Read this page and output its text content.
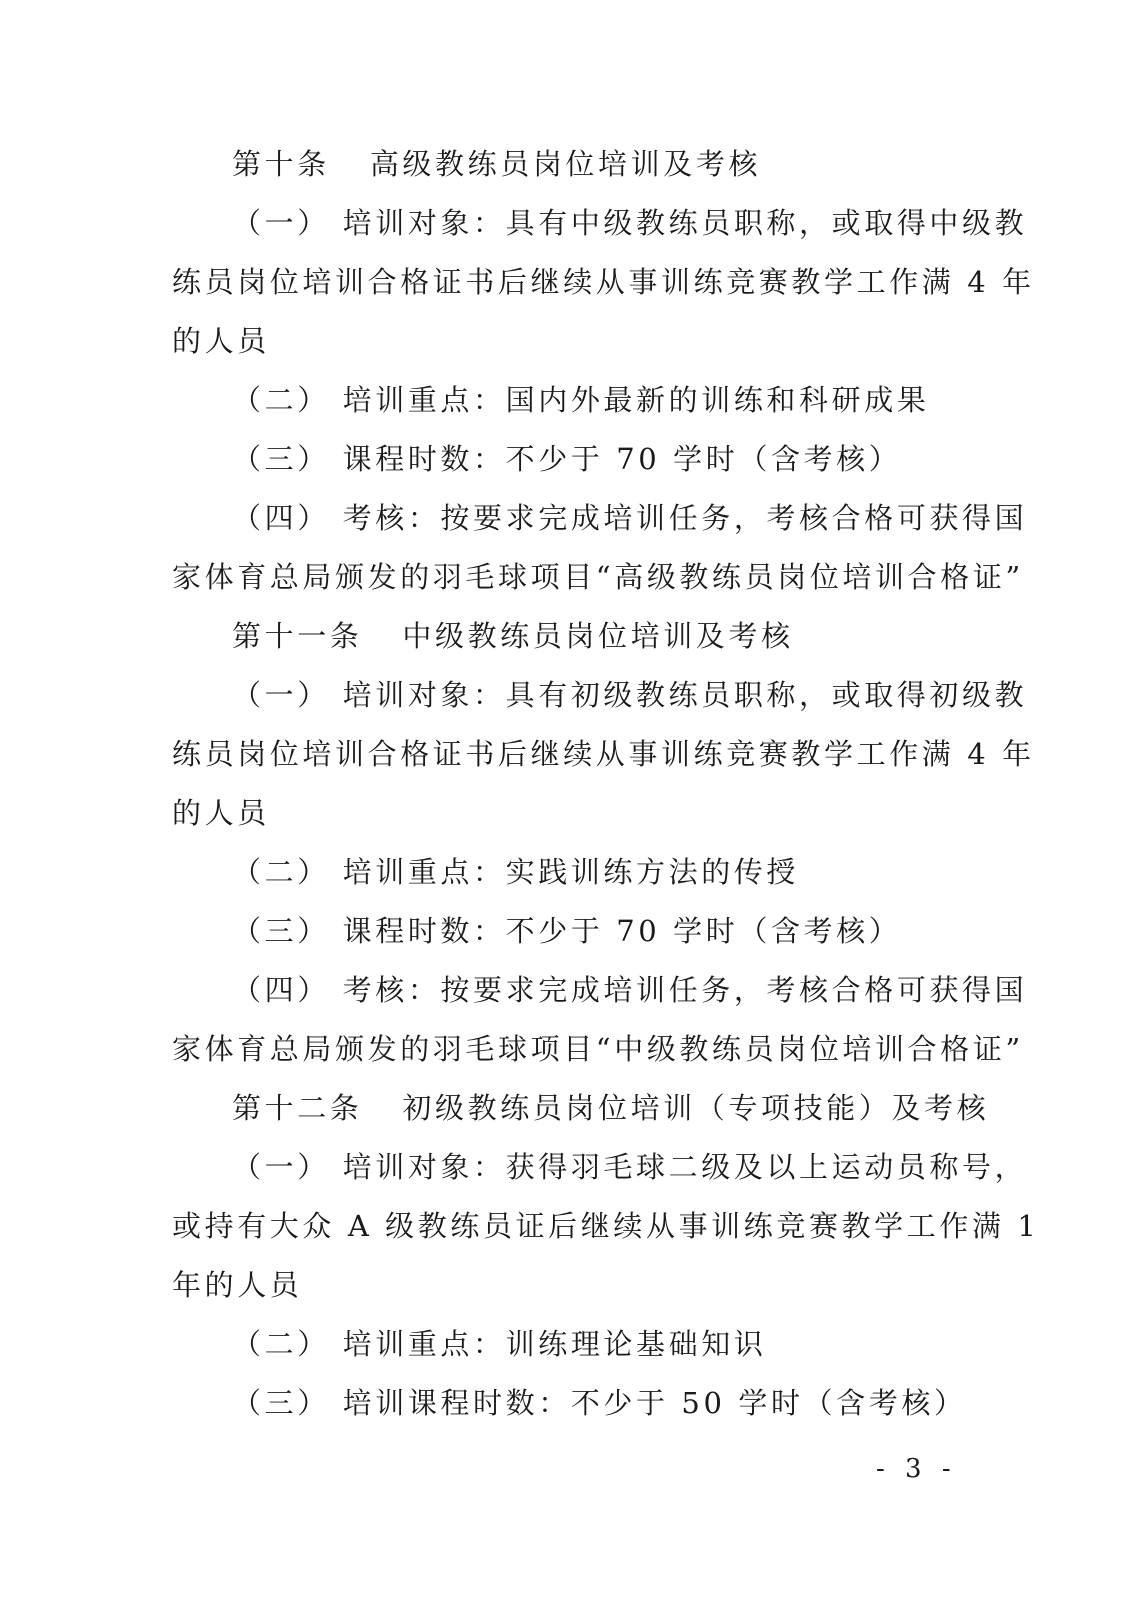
第十条 高级教练员岗位培训及考核
（一） 培训对象：具有中级教练员职称，或取得中级教
练员岗位培训合格证书后继续从事训练竞赛教学工作满 4 年
的人员
（二） 培训重点：国内外最新的训练和科研成果
（三） 课程时数：不少于 70 学时（含考核）
（四） 考核：按要求完成培训任务，考核合格可获得国
家体育总局颁发的羽毛球项目“高级教练员岗位培训合格证”
第十一条 中级教练员岗位培训及考核
（一） 培训对象：具有初级教练员职称，或取得初级教
练员岗位培训合格证书后继续从事训练竞赛教学工作满 4 年
的人员
（二） 培训重点：实践训练方法的传授
（三） 课程时数：不少于 70 学时（含考核）
（四） 考核：按要求完成培训任务，考核合格可获得国
家体育总局颁发的羽毛球项目“中级教练员岗位培训合格证”
第十二条 初级教练员岗位培训（专项技能）及考核
（一） 培训对象：获得羽毛球二级及以上运动员称号，
或持有大众 A 级教练员证后继续从事训练竞赛教学工作满 1
年的人员
（二） 培训重点：训练理论基础知识
（三） 培训课程时数：不少于 50 学时（含考核）
- 3 -
